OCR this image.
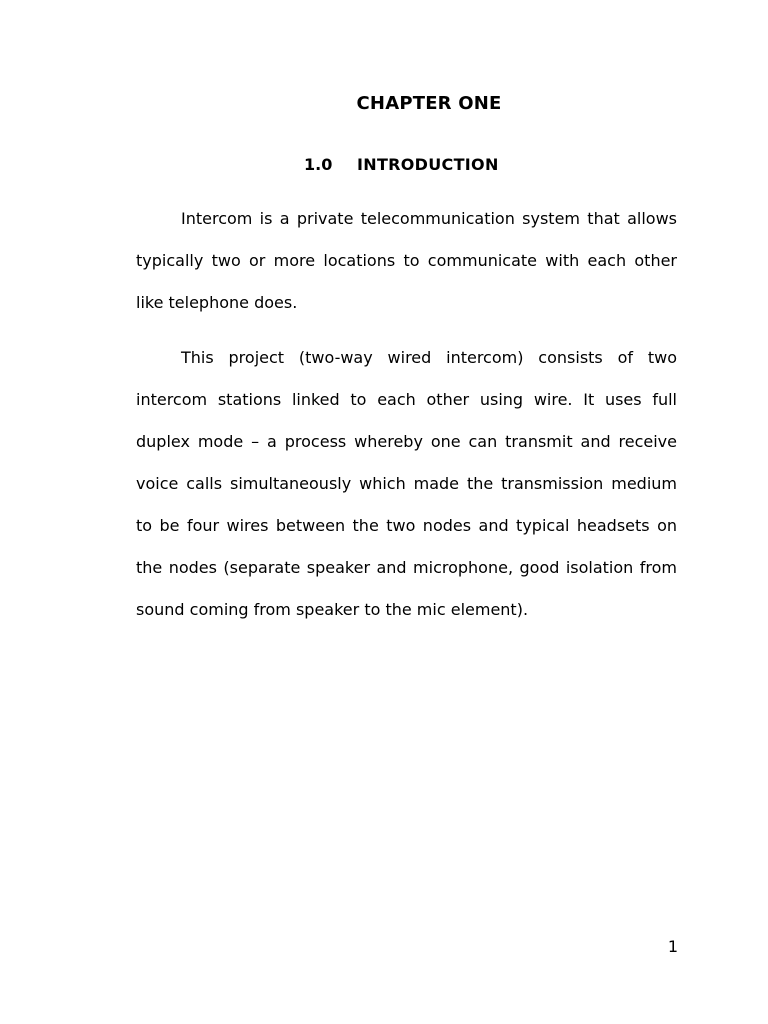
CHAPTER ONE
1.0 INTRODUCTION

Intercom is a private telecommunication system that allows typically two or more locations to communicate with each other like telephone does.

This project (two-way wired intercom) consists of two intercom stations linked to each other using wire. It uses full duplex mode – a process whereby one can transmit and receive voice calls simultaneously which made the transmission medium to be four wires between the two nodes and typical headsets on the nodes (separate speaker and microphone, good isolation from sound coming from speaker to the mic element).

1
